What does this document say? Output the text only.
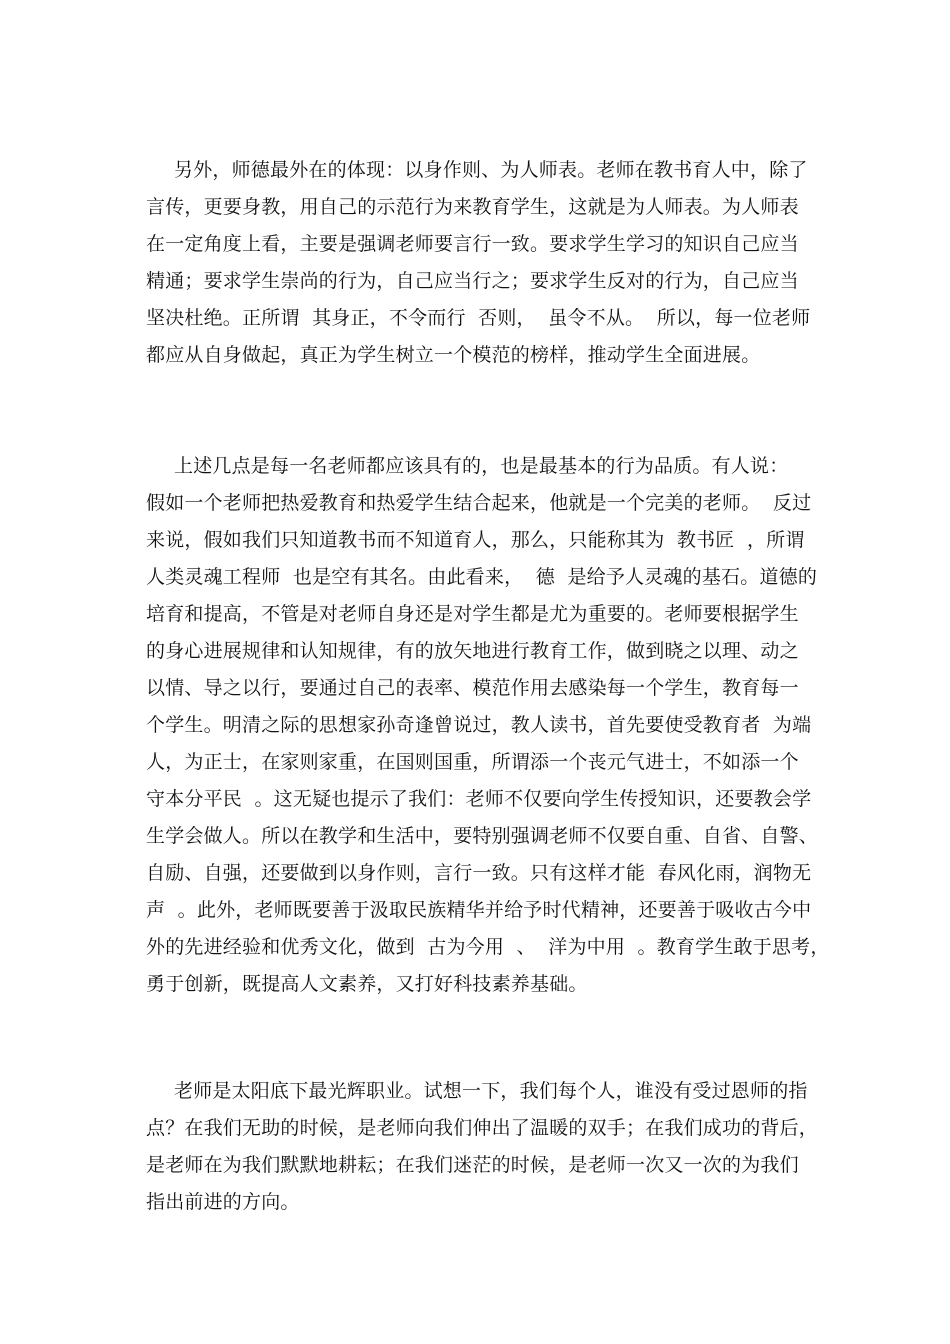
另外，师德最外在的体现：以身作则、为人师表。老师在教书育人中，除了
言传，更要身教，用自己的示范行为来教育学生，这就是为人师表。为人师表
在一定角度上看，主要是强调老师要言行一致。要求学生学习的知识自己应当
精通；要求学生崇尚的行为，自己应当行之；要求学生反对的行为，自己应当
坚决杜绝。正所谓  其身正，不令而行  否则，  虽令不从。  所以，每一位老师
都应从自身做起，真正为学生树立一个模范的榜样，推动学生全面进展。
上述几点是每一名老师都应该具有的，也是最基本的行为品质。有人说：
假如一个老师把热爱教育和热爱学生结合起来，他就是一个完美的老师。  反过
来说，假如我们只知道教书而不知道育人，那么，只能称其为  教书匠  ，所谓
人类灵魂工程师  也是空有其名。由此看来，  德  是给予人灵魂的基石。道德的
培育和提高，不管是对老师自身还是对学生都是尤为重要的。老师要根据学生
的身心进展规律和认知规律，有的放矢地进行教育工作，做到晓之以理、动之
以情、导之以行，要通过自己的表率、模范作用去感染每一个学生，教育每一
个学生。明清之际的思想家孙奇逢曾说过，教人读书，首先要使受教育者  为端
人，为正士，在家则家重，在国则国重，所谓添一个丧元气进士，不如添一个
守本分平民  。这无疑也提示了我们：老师不仅要向学生传授知识，还要教会学
生学会做人。所以在教学和生活中，要特别强调老师不仅要自重、自省、自警、
自励、自强，还要做到以身作则，言行一致。只有这样才能  春风化雨，润物无
声  。此外，老师既要善于汲取民族精华并给予时代精神，还要善于吸收古今中
外的先进经验和优秀文化，做到  古为今用  、  洋为中用  。教育学生敢于思考，
勇于创新，既提高人文素养，又打好科技素养基础。
老师是太阳底下最光辉职业。试想一下，我们每个人，谁没有受过恩师的指
点？在我们无助的时候，是老师向我们伸出了温暖的双手；在我们成功的背后，
是老师在为我们默默地耕耘；在我们迷茫的时候，是老师一次又一次的为我们
指出前进的方向。
